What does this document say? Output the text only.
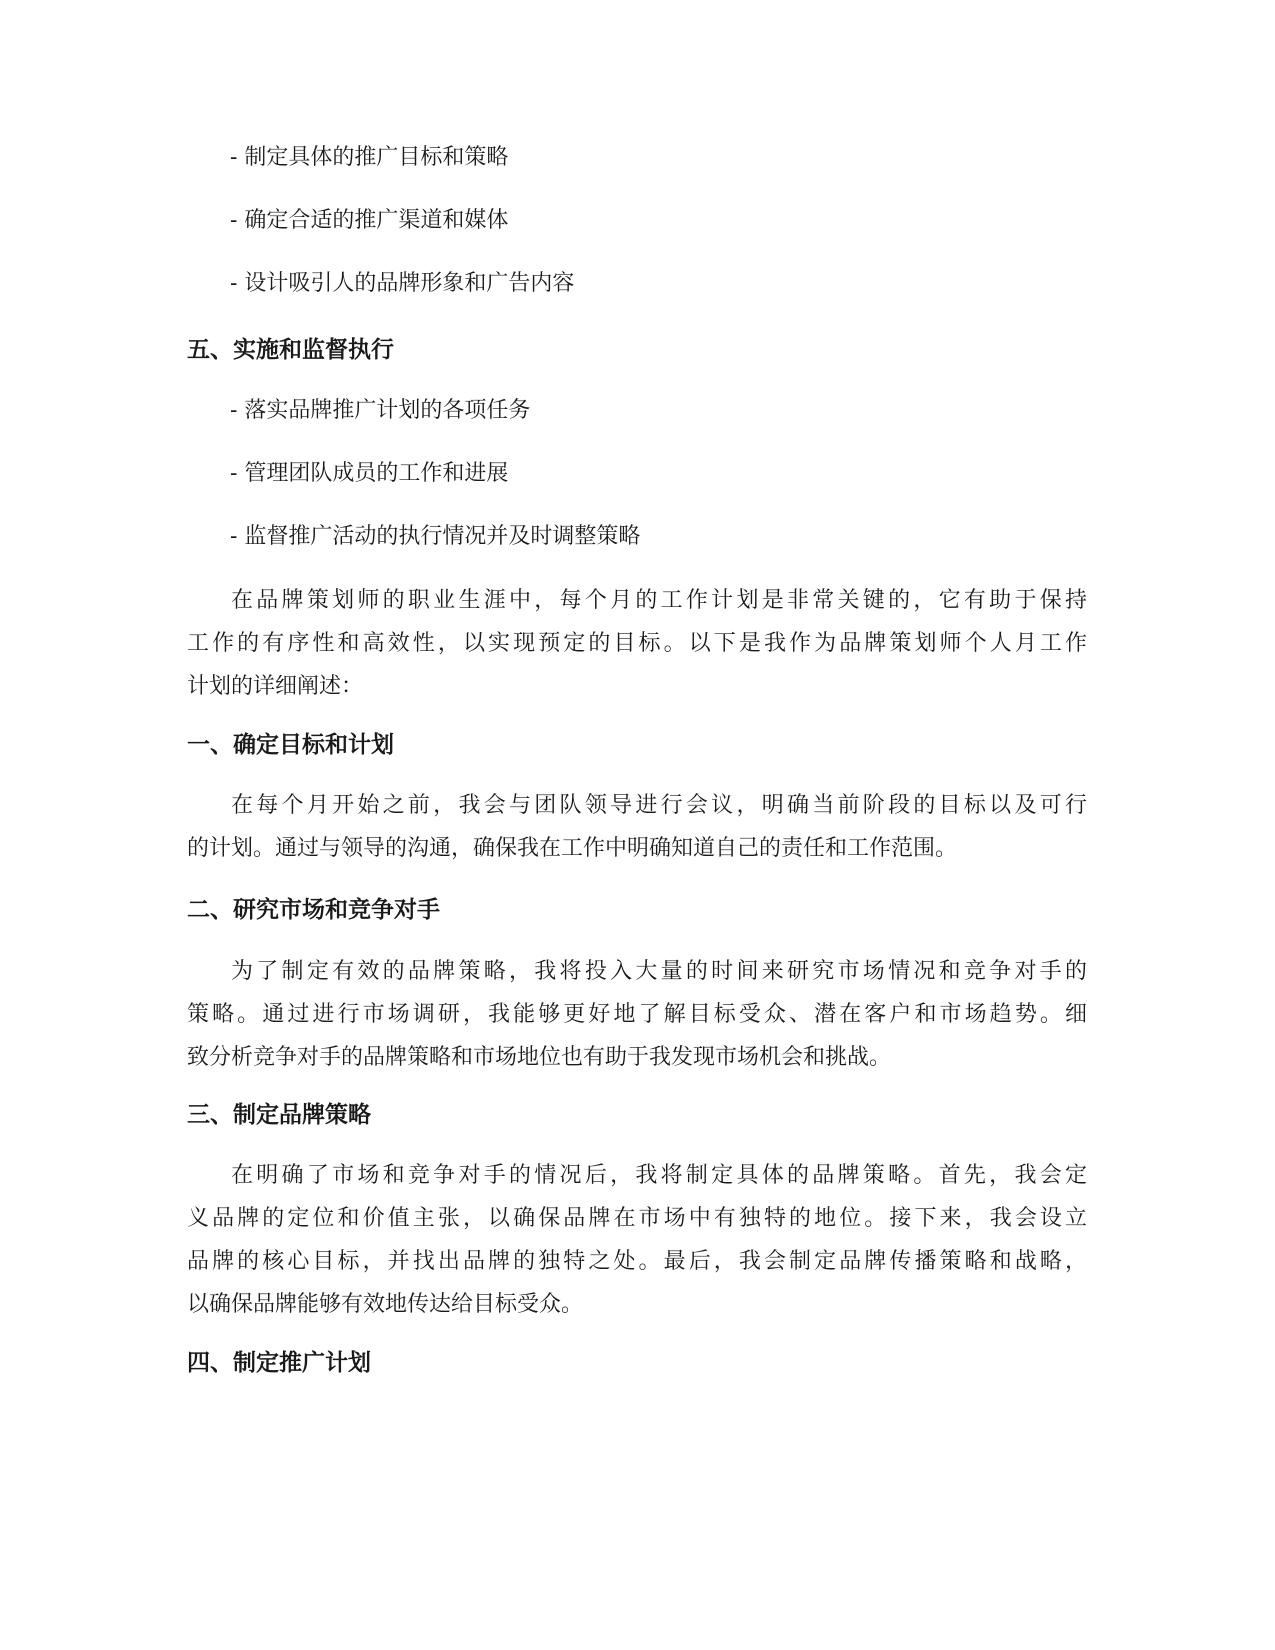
- 制定具体的推广目标和策略
- 确定合适的推广渠道和媒体
- 设计吸引人的品牌形象和广告内容
五、实施和监督执行
- 落实品牌推广计划的各项任务
- 管理团队成员的工作和进展
- 监督推广活动的执行情况并及时调整策略
在品牌策划师的职业生涯中，每个月的工作计划是非常关键的，它有助于保持
工作的有序性和高效性，以实现预定的目标。以下是我作为品牌策划师个人月工作
计划的详细阐述：
一、确定目标和计划
在每个月开始之前，我会与团队领导进行会议，明确当前阶段的目标以及可行
的计划。通过与领导的沟通，确保我在工作中明确知道自己的责任和工作范围。
二、研究市场和竞争对手
为了制定有效的品牌策略，我将投入大量的时间来研究市场情况和竞争对手的
策略。通过进行市场调研，我能够更好地了解目标受众、潜在客户和市场趋势。细
致分析竞争对手的品牌策略和市场地位也有助于我发现市场机会和挑战。
三、制定品牌策略
在明确了市场和竞争对手的情况后，我将制定具体的品牌策略。首先，我会定
义品牌的定位和价值主张，以确保品牌在市场中有独特的地位。接下来，我会设立
品牌的核心目标，并找出品牌的独特之处。最后，我会制定品牌传播策略和战略，
以确保品牌能够有效地传达给目标受众。
四、制定推广计划
